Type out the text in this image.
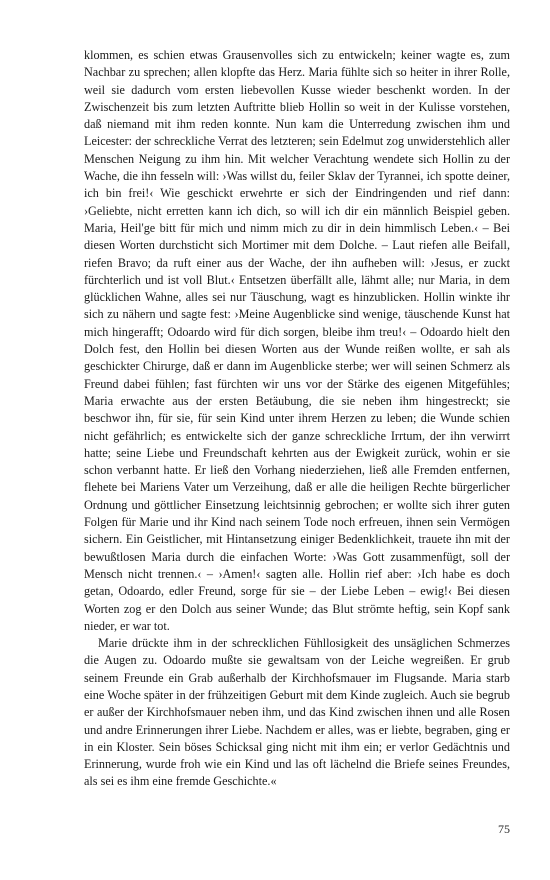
klommen, es schien etwas Grausenvolles sich zu entwickeln; keiner wagte es, zum Nachbar zu sprechen; allen klopfte das Herz. Maria fühlte sich so heiter in ihrer Rolle, weil sie dadurch vom ersten liebevollen Kusse wieder beschenkt worden. In der Zwischenzeit bis zum letzten Auftritte blieb Hollin so weit in der Kulisse vorstehen, daß niemand mit ihm reden konnte. Nun kam die Unterredung zwischen ihm und Leicester: der schreckliche Verrat des letzteren; sein Edelmut zog unwiderstehlich aller Menschen Neigung zu ihm hin. Mit welcher Verachtung wendete sich Hollin zu der Wache, die ihn fesseln will: ›Was willst du, feiler Sklav der Tyrannei, ich spotte deiner, ich bin frei!‹ Wie geschickt erwehrte er sich der Eindringenden und rief dann: ›Geliebte, nicht erretten kann ich dich, so will ich dir ein männlich Beispiel geben. Maria, Heil'ge bitt für mich und nimm mich zu dir in dein himmlisch Leben.‹ – Bei diesen Worten durchsticht sich Mortimer mit dem Dolche. – Laut riefen alle Beifall, riefen Bravo; da ruft einer aus der Wache, der ihn aufheben will: ›Jesus, er zuckt fürchterlich und ist voll Blut.‹ Entsetzen überfällt alle, lähmt alle; nur Maria, in dem glücklichen Wahne, alles sei nur Täuschung, wagt es hinzublicken. Hollin winkte ihr sich zu nähern und sagte fest: ›Meine Augenblicke sind wenige, täuschende Kunst hat mich hingerafft; Odoardo wird für dich sorgen, bleibe ihm treu!‹ – Odoardo hielt den Dolch fest, den Hollin bei diesen Worten aus der Wunde reißen wollte, er sah als geschickter Chirurge, daß er dann im Augenblicke sterbe; wer will seinen Schmerz als Freund dabei fühlen; fast fürchten wir uns vor der Stärke des eigenen Mitgefühles; Maria erwachte aus der ersten Betäubung, die sie neben ihm hingestreckt; sie beschwor ihn, für sie, für sein Kind unter ihrem Herzen zu leben; die Wunde schien nicht gefährlich; es entwickelte sich der ganze schreckliche Irrtum, der ihn verwirrt hatte; seine Liebe und Freundschaft kehrten aus der Ewigkeit zurück, wohin er sie schon verbannt hatte. Er ließ den Vorhang niederziehen, ließ alle Fremden entfernen, flehete bei Mariens Vater um Verzeihung, daß er alle die heiligen Rechte bürgerlicher Ordnung und göttlicher Einsetzung leichtsinnig gebrochen; er wollte sich ihrer guten Folgen für Marie und ihr Kind nach seinem Tode noch erfreuen, ihnen sein Vermögen sichern. Ein Geistlicher, mit Hintansetzung einiger Bedenklichkeit, trauete ihn mit der bewußtlosen Maria durch die einfachen Worte: ›Was Gott zusammenfügt, soll der Mensch nicht trennen.‹ – ›Amen!‹ sagten alle. Hollin rief aber: ›Ich habe es doch getan, Odoardo, edler Freund, sorge für sie – der Liebe Leben – ewig!‹ Bei diesen Worten zog er den Dolch aus seiner Wunde; das Blut strömte heftig, sein Kopf sank nieder, er war tot.

Marie drückte ihm in der schrecklichen Fühllosigkeit des unsäglichen Schmerzes die Augen zu. Odoardo mußte sie gewaltsam von der Leiche wegreißen. Er grub seinem Freunde ein Grab außerhalb der Kirchhofsmauer im Flugsande. Maria starb eine Woche später in der frühzeitigen Geburt mit dem Kinde zugleich. Auch sie begrub er außer der Kirchhofsmauer neben ihm, und das Kind zwischen ihnen und alle Rosen und andre Erinnerungen ihrer Liebe. Nachdem er alles, was er liebte, begraben, ging er in ein Kloster. Sein böses Schicksal ging nicht mit ihm ein; er verlor Gedächtnis und Erinnerung, wurde froh wie ein Kind und las oft lächelnd die Briefe seines Freundes, als sei es ihm eine fremde Geschichte.«

75
